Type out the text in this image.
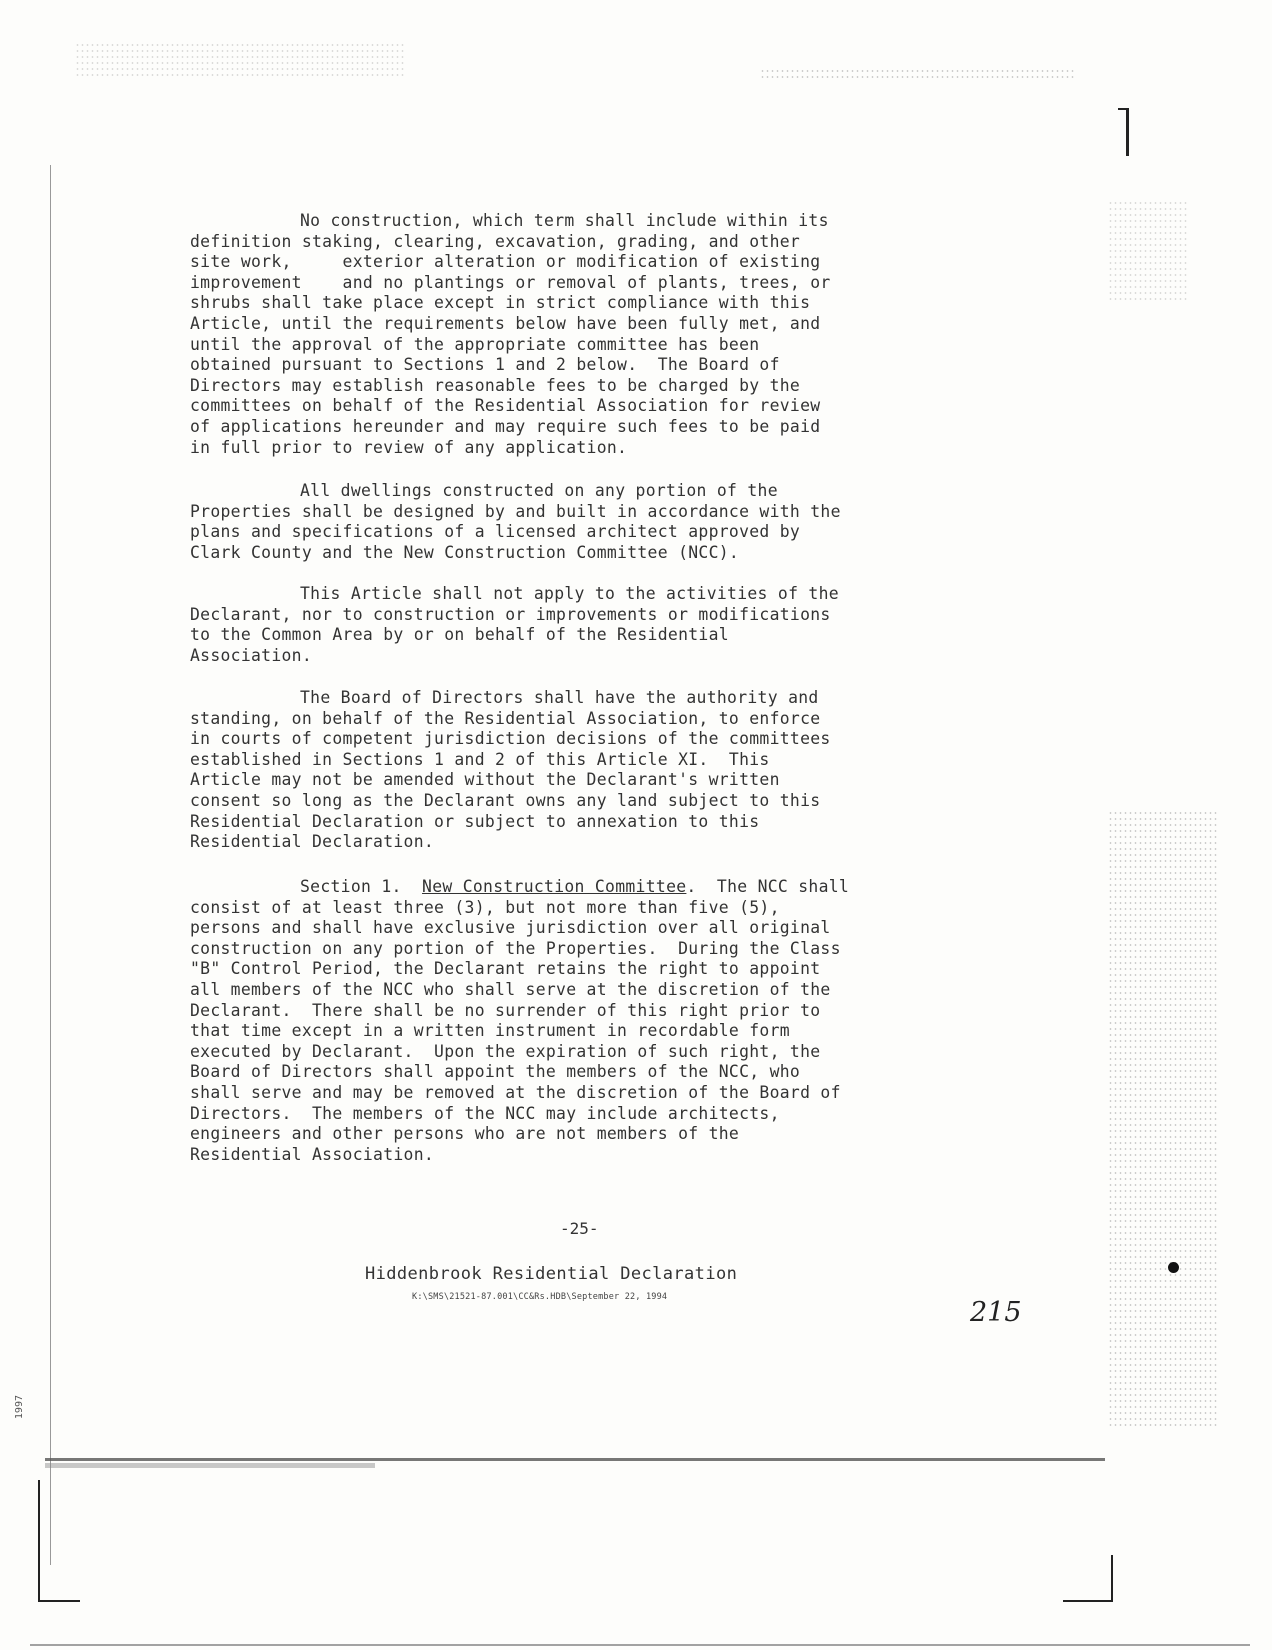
No construction, which term shall include within its
definition staking, clearing, excavation, grading, and other
site work,     exterior alteration or modification of existing
improvement    and no plantings or removal of plants, trees, or
shrubs shall take place except in strict compliance with this
Article, until the requirements below have been fully met, and
until the approval of the appropriate committee has been
obtained pursuant to Sections 1 and 2 below.  The Board of
Directors may establish reasonable fees to be charged by the
committees on behalf of the Residential Association for review
of applications hereunder and may require such fees to be paid
in full prior to review of any application.
All dwellings constructed on any portion of the
Properties shall be designed by and built in accordance with the
plans and specifications of a licensed architect approved by
Clark County and the New Construction Committee (NCC).
This Article shall not apply to the activities of the
Declarant, nor to construction or improvements or modifications
to the Common Area by or on behalf of the Residential
Association.
The Board of Directors shall have the authority and
standing, on behalf of the Residential Association, to enforce
in courts of competent jurisdiction decisions of the committees
established in Sections 1 and 2 of this Article XI.  This
Article may not be amended without the Declarant's written
consent so long as the Declarant owns any land subject to this
Residential Declaration or subject to annexation to this
Residential Declaration.
Section 1.  New Construction Committee.  The NCC shall
consist of at least three (3), but not more than five (5),
persons and shall have exclusive jurisdiction over all original
construction on any portion of the Properties.  During the Class
"B" Control Period, the Declarant retains the right to appoint
all members of the NCC who shall serve at the discretion of the
Declarant.  There shall be no surrender of this right prior to
that time except in a written instrument in recordable form
executed by Declarant.  Upon the expiration of such right, the
Board of Directors shall appoint the members of the NCC, who
shall serve and may be removed at the discretion of the Board of
Directors.  The members of the NCC may include architects,
engineers and other persons who are not members of the
Residential Association.
-25-
Hiddenbrook Residential Declaration
K:\SMS\21521-87.001\CC&Rs.HDB\September 22, 1994	215
1997
